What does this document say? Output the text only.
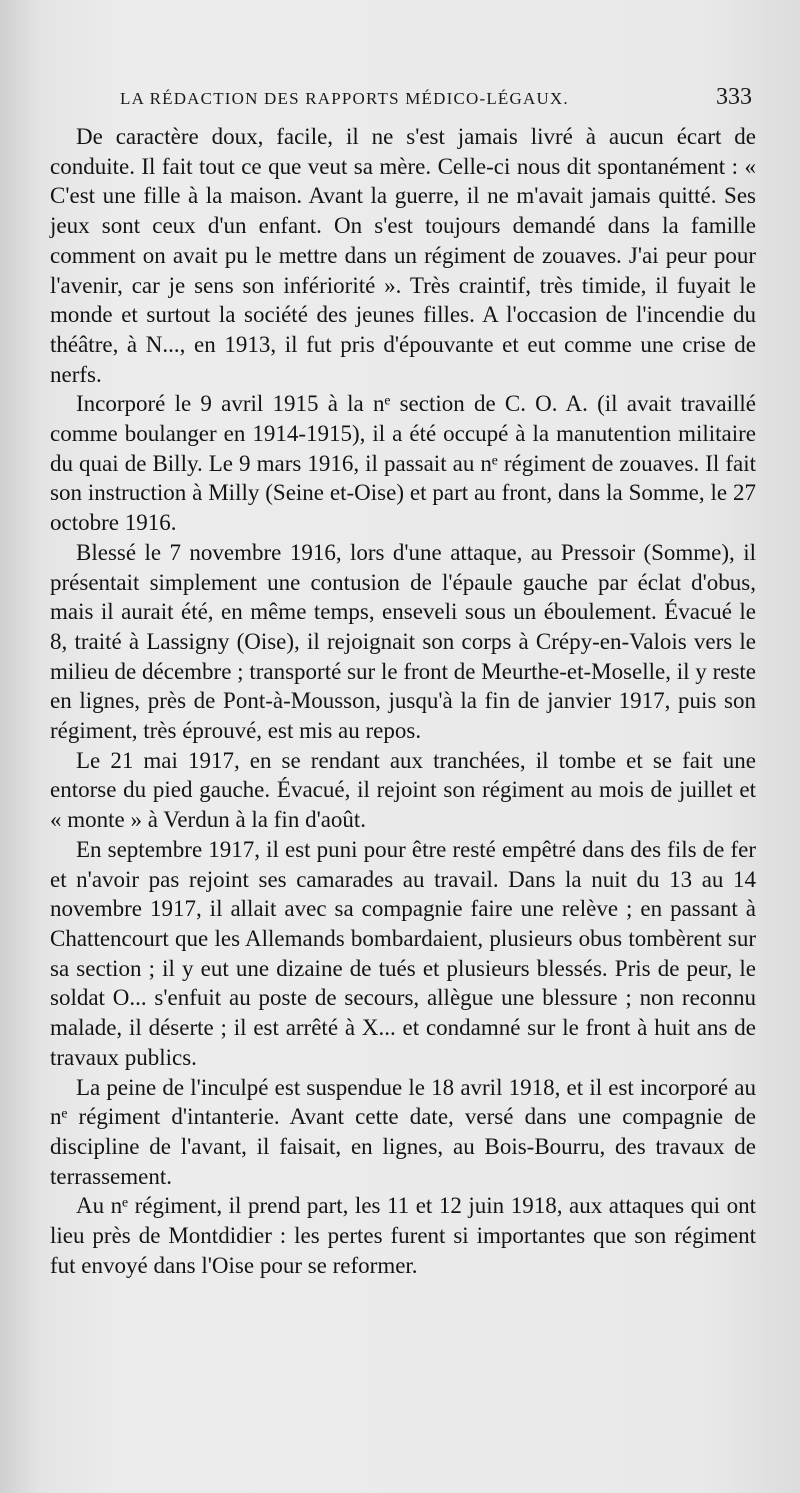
LA RÉDACTION DES RAPPORTS MÉDICO-LÉGAUX.	333

De caractère doux, facile, il ne s'est jamais livré à aucun écart de conduite. Il fait tout ce que veut sa mère. Celle-ci nous dit spontanément : « C'est une fille à la maison. Avant la guerre, il ne m'avait jamais quitté. Ses jeux sont ceux d'un enfant. On s'est toujours demandé dans la famille comment on avait pu le mettre dans un régiment de zouaves. J'ai peur pour l'avenir, car je sens son infériorité ». Très craintif, très timide, il fuyait le monde et surtout la société des jeunes filles. A l'occasion de l'incendie du théâtre, à N..., en 1913, il fut pris d'épouvante et eut comme une crise de nerfs.

Incorporé le 9 avril 1915 à la nᵉ section de C. O. A. (il avait travaillé comme boulanger en 1914-1915), il a été occupé à la manutention militaire du quai de Billy. Le 9 mars 1916, il passait au nᵉ régiment de zouaves. Il fait son instruction à Milly (Seine et-Oise) et part au front, dans la Somme, le 27 octobre 1916.

Blessé le 7 novembre 1916, lors d'une attaque, au Pressoir (Somme), il présentait simplement une contusion de l'épaule gauche par éclat d'obus, mais il aurait été, en même temps, enseveli sous un éboulement. Évacué le 8, traité à Lassigny (Oise), il rejoignait son corps à Crépy-en-Valois vers le milieu de décembre ; transporté sur le front de Meurthe-et-Moselle, il y reste en lignes, près de Pont-à-Mousson, jusqu'à la fin de janvier 1917, puis son régiment, très éprouvé, est mis au repos.

Le 21 mai 1917, en se rendant aux tranchées, il tombe et se fait une entorse du pied gauche. Évacué, il rejoint son régiment au mois de juillet et « monte » à Verdun à la fin d'août.

En septembre 1917, il est puni pour être resté empêtré dans des fils de fer et n'avoir pas rejoint ses camarades au travail. Dans la nuit du 13 au 14 novembre 1917, il allait avec sa compagnie faire une relève ; en passant à Chattencourt que les Allemands bombardaient, plusieurs obus tombèrent sur sa section ; il y eut une dizaine de tués et plusieurs blessés. Pris de peur, le soldat O... s'enfuit au poste de secours, allègue une blessure ; non reconnu malade, il déserte ; il est arrêté à X... et condamné sur le front à huit ans de travaux publics.

La peine de l'inculpé est suspendue le 18 avril 1918, et il est incorporé au nᵉ régiment d'intanterie. Avant cette date, versé dans une compagnie de discipline de l'avant, il faisait, en lignes, au Bois-Bourru, des travaux de terrassement.

Au nᵉ régiment, il prend part, les 11 et 12 juin 1918, aux attaques qui ont lieu près de Montdidier : les pertes furent si importantes que son régiment fut envoyé dans l'Oise pour se reformer.
